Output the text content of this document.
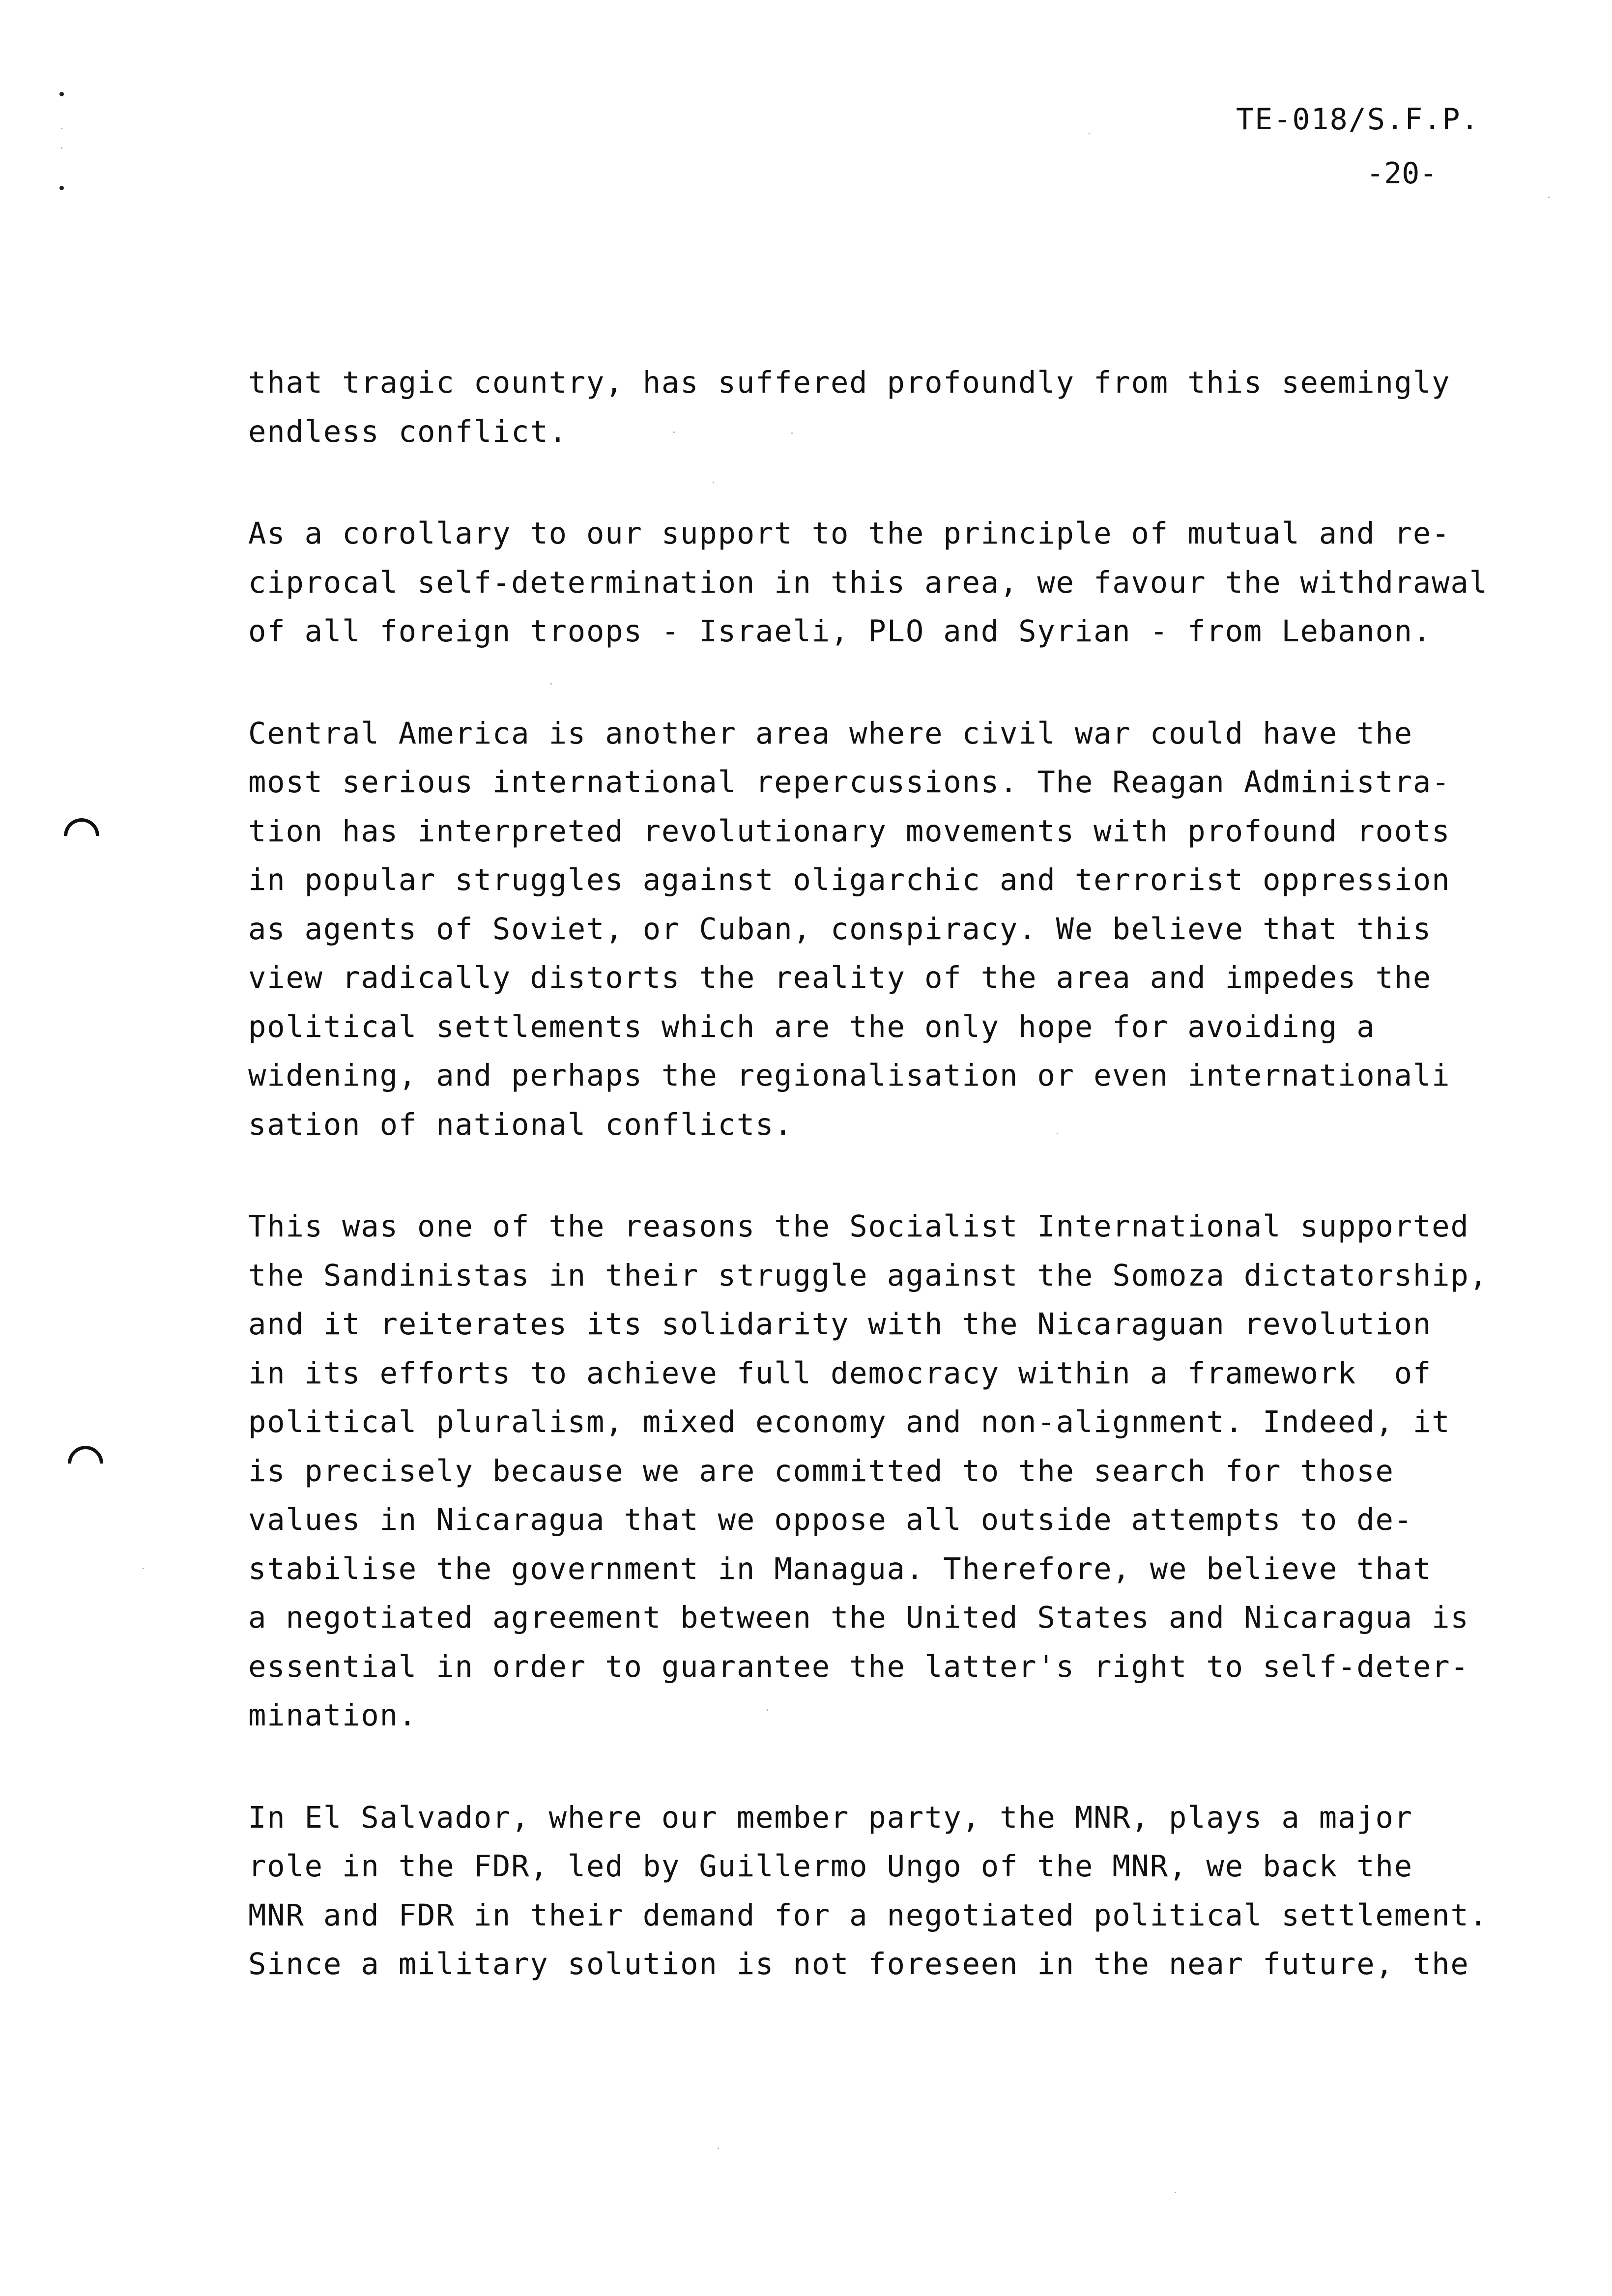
TE-018/S.F.P.
-20-
that tragic country, has suffered profoundly from this seemingly
endless conflict.
As a corollary to our support to the principle of mutual and re-
ciprocal self-determination in this area, we favour the withdrawal
of all foreign troops - Israeli, PLO and Syrian - from Lebanon.
Central America is another area where civil war could have the
most serious international repercussions. The Reagan Administra-
tion has interpreted revolutionary movements with profound roots
in popular struggles against oligarchic and terrorist oppression
as agents of Soviet, or Cuban, conspiracy. We believe that this
view radically distorts the reality of the area and impedes the
political settlements which are the only hope for avoiding a
widening, and perhaps the regionalisation or even internationali
sation of national conflicts.
This was one of the reasons the Socialist International supported
the Sandinistas in their struggle against the Somoza dictatorship,
and it reiterates its solidarity with the Nicaraguan revolution
in its efforts to achieve full democracy within a framework  of
political pluralism, mixed economy and non-alignment. Indeed, it
is precisely because we are committed to the search for those
values in Nicaragua that we oppose all outside attempts to de-
stabilise the government in Managua. Therefore, we believe that
a negotiated agreement between the United States and Nicaragua is
essential in order to guarantee the latter's right to self-deter-
mination.
In El Salvador, where our member party, the MNR, plays a major
role in the FDR, led by Guillermo Ungo of the MNR, we back the
MNR and FDR in their demand for a negotiated political settlement.
Since a military solution is not foreseen in the near future, the
